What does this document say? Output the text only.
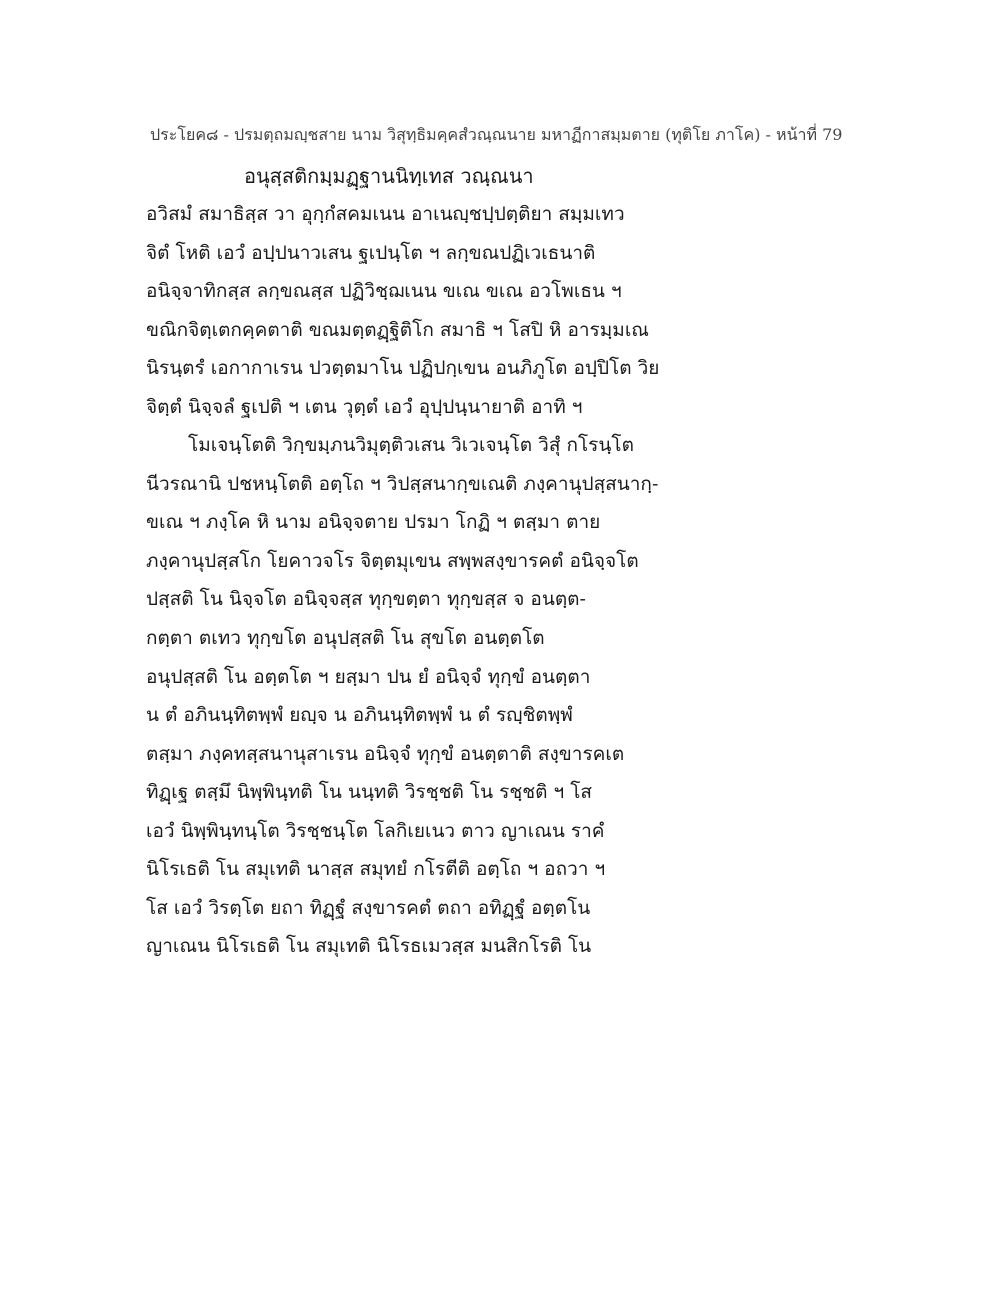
ประโยค๘ - ปรมตฺถมญฺชสาย นาม วิสุทฺธิมคฺคสํวณฺณนาย มหาฏีกาสมฺมตาย (ทุติโย ภาโค) - หน้าที่ 79
อนุสฺสติกมฺมฏฺฐานนิทฺเทส วณฺณนา
อวิสมํ สมาธิสฺส วา อุกฺกํสคมเนน อาเนญฺชปฺปตฺติยา สมฺมเทว
จิตํ โหติ เอวํ อปฺปนาวเสน ฐเปนฺโต ฯ ลกฺขณปฏิเวเธนาติ
อนิจฺจาทิกสฺส ลกฺขณสฺส ปฏิวิชฺฌเนน ขเณ ขเณ อวโพเธน ฯ
ขณิกจิตฺเตกคฺคตาติ ขณมตฺตฏฺฐิติโก สมาธิ ฯ โสปิ หิ อารมฺมเณ
นิรนฺตรํ เอกากาเรน ปวตฺตมาโน ปฏิปกฺเขน อนภิภูโต อปฺปิโต วิย
จิตฺตํ นิจฺจลํ ฐเปติ ฯ เตน วุตฺตํ เอวํ อุปฺปนฺนายาติ อาทิ ฯ
โมเจนฺโตติ วิกฺขมฺภนวิมุตฺติวเสน วิเวเจนฺโต วิสุํ กโรนฺโต
นีวรณานิ ปชหนฺโตติ อตฺโถ ฯ วิปสฺสนากฺขเณติ ภงฺคานุปสฺสนากฺ-
ขเณ ฯ ภงฺโค หิ นาม อนิจฺจตาย ปรมา โกฏิ ฯ ตสฺมา ตาย
ภงฺคานุปสฺสโก โยคาวจโร จิตฺตมุเขน สพฺพสงฺขารคตํ อนิจฺจโต
ปสฺสติ โน นิจฺจโต อนิจฺจสฺส ทุกฺขตฺตา ทุกฺขสฺส จ อนตฺต-
กตฺตา ตเทว ทุกฺขโต อนุปสฺสติ โน สุขโต อนตฺตโต
อนุปสฺสติ โน อตฺตโต ฯ ยสฺมา ปน ยํ อนิจฺจํ ทุกฺขํ อนตฺตา
น ตํ อภินนฺทิตพฺพํ ยญฺจ น อภินนฺทิตพฺพํ น ตํ รญฺชิตพฺพํ
ตสฺมา ภงฺคทสฺสนานุสาเรน อนิจฺจํ ทุกฺขํ อนตฺตาติ สงฺขารคเต
ทิฏฺเฐ ตสฺมึ นิพฺพินฺทติ โน นนฺทติ วิรชฺชติ โน รชฺชติ ฯ โส
เอวํ นิพฺพินฺทนฺโต วิรชฺชนฺโต โลกิเยเนว ตาว ญาเณน ราคํ
นิโรเธติ โน สมุเทติ นาสฺส สมุทยํ กโรตีติ อตฺโถ ฯ อถวา ฯ
โส เอวํ วิรตฺโต ยถา ทิฏฺฐํ สงฺขารคตํ ตถา อทิฏฺฐํ อตฺตโน
ญาเณน นิโรเธติ โน สมุเทติ นิโรธเมวสฺส มนสิกโรติ โน
